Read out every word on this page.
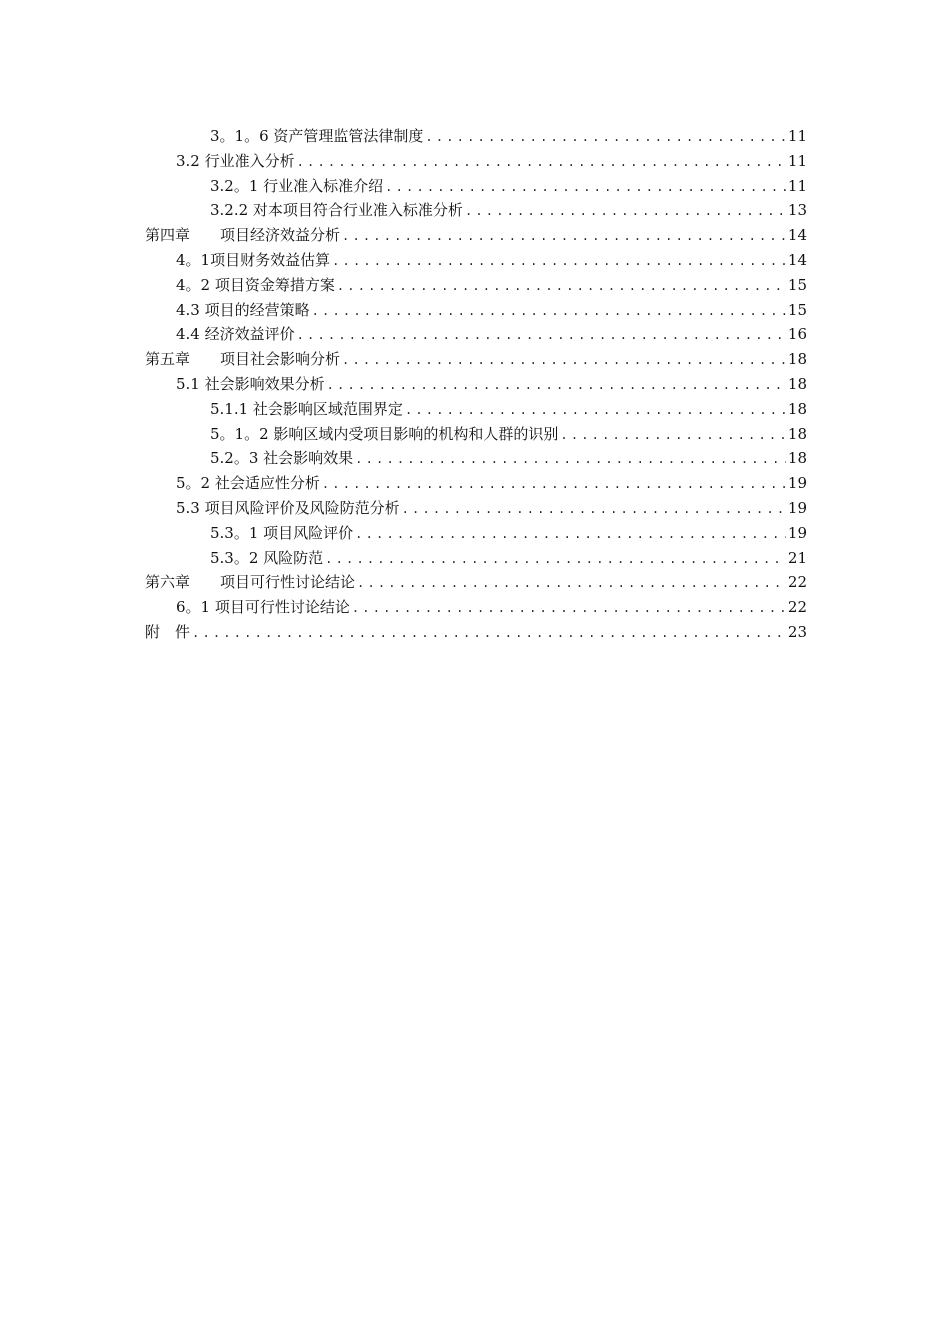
3。1。6 资产管理监管法律制度 .....	11
3.2 行业准入分析 .....	11
3.2。1 行业准入标准介绍 .....	11
3.2.2 对本项目符合行业准入标准分析 .....	13
第四章　　项目经济效益分析 .....	14
4。1项目财务效益估算 .....	14
4。2 项目资金筹措方案 .....	15
4.3 项目的经营策略 .....	15
4.4 经济效益评价 .....	16
第五章　　项目社会影响分析 .....	18
5.1 社会影响效果分析 .....	18
5.1.1 社会影响区域范围界定 .....	18
5。1。2 影响区域内受项目影响的机构和人群的识别 .....	18
5.2。3 社会影响效果 .....	18
5。2 社会适应性分析 .....	19
5.3 项目风险评价及风险防范分析 .....	19
5.3。1 项目风险评价 .....	19
5.3。2 风险防范 .....	21
第六章　　项目可行性讨论结论 .....	22
6。1 项目可行性讨论结论 .....	22
附　件 .....	23
